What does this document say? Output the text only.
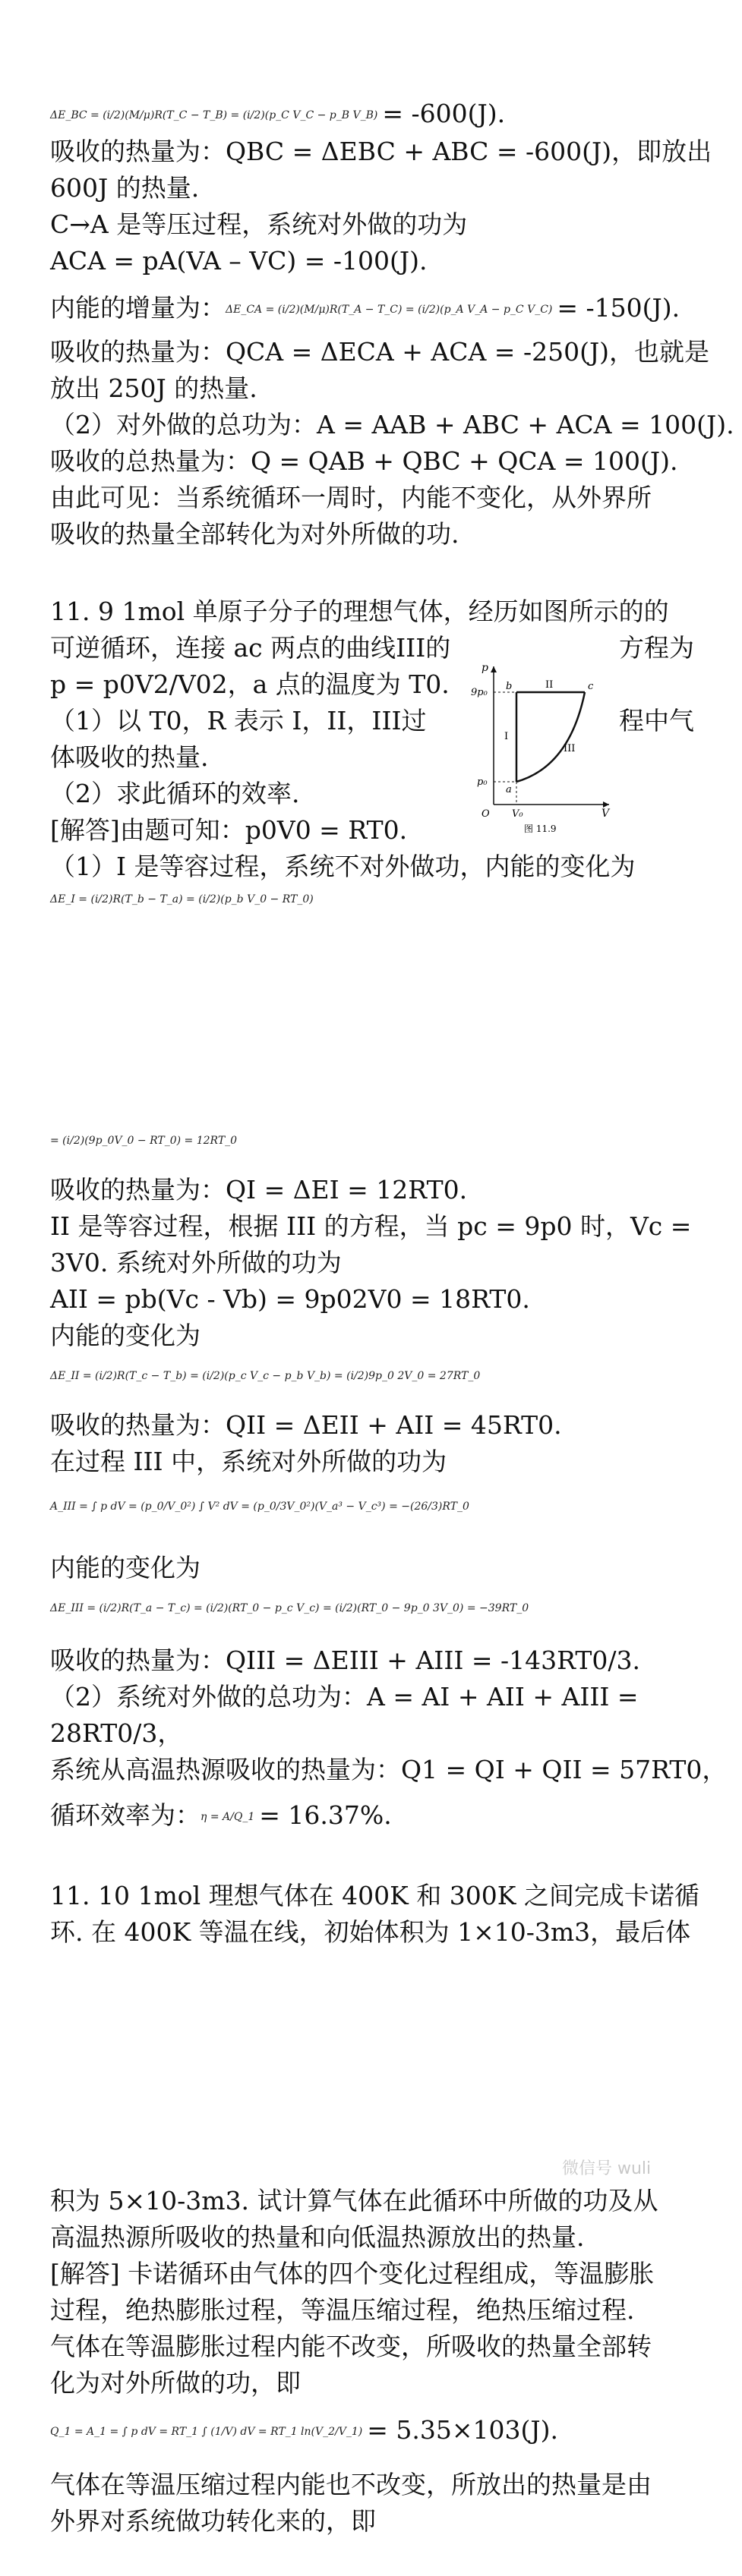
ΔE_BC = (i/2)(M/μ)R(T_C − T_B) = (i/2)(p_C V_C − p_B V_B) = -600(J).
吸收的热量为：QBC = ΔEBC + ABC = -600(J)，即放出
600J 的热量.
C→A 是等压过程，系统对外做的功为
ACA = pA(VA – VC) = -100(J).
内能的增量为：ΔE_CA = (i/2)(M/μ)R(T_A − T_C) = (i/2)(p_A V_A − p_C V_C) = -150(J).
吸收的热量为：QCA = ΔECA + ACA = -250(J)，也就是
放出 250J 的热量.
（2）对外做的总功为：A = AAB + ABC + ACA = 100(J).
吸收的总热量为：Q = QAB + QBC + QCA = 100(J).
由此可见：当系统循环一周时，内能不变化，从外界所
吸收的热量全部转化为对外所做的功.
11. 9 1mol 单原子分子的理想气体，经历如图所示的的
可逆循环，连接 ac 两点的曲线III的	方程为
p = p0V2/V02，a 点的温度为 T0.
（1）以 T0，R 表示 I，II，III过	程中气
体吸收的热量.
（2）求此循环的效率.
p
9p₀
p₀
O	V
V₀
a
b	c
I
II
III
图 11.9
[解答]由题可知：p0V0 = RT0.
（1）I 是等容过程，系统不对外做功，内能的变化为
ΔE_I = (i/2)R(T_b − T_a) = (i/2)(p_b V_0 − RT_0)
= (i/2)(9p_0V_0 − RT_0) = 12RT_0
吸收的热量为：QI = ΔEI = 12RT0.
II 是等容过程，根据 III 的方程，当 pc = 9p0 时，Vc =
3V0. 系统对外所做的功为
AII = pb(Vc - Vb) = 9p02V0 = 18RT0.
内能的变化为
ΔE_II = (i/2)R(T_c − T_b) = (i/2)(p_c V_c − p_b V_b) = (i/2)9p_0 2V_0 = 27RT_0
吸收的热量为：QII = ΔEII + AII = 45RT0.
在过程 III 中，系统对外所做的功为
A_III = ∫ p dV = (p_0/V_0²) ∫ V² dV = (p_0/3V_0²)(V_a³ − V_c³) = −(26/3)RT_0
内能的变化为
ΔE_III = (i/2)R(T_a − T_c) = (i/2)(RT_0 − p_c V_c) = (i/2)(RT_0 − 9p_0 3V_0) = −39RT_0
吸收的热量为：QIII = ΔEIII + AIII = -143RT0/3.
（2）系统对外做的总功为：A = AI + AII + AIII =
28RT0/3，
系统从高温热源吸收的热量为：Q1 = QI + QII = 57RT0，
循环效率为：η = A/Q_1 = 16.37%.
11. 10 1mol 理想气体在 400K 和 300K 之间完成卡诺循
环. 在 400K 等温在线，初始体积为 1×10-3m3，最后体
微信号 wuli
积为 5×10-3m3. 试计算气体在此循环中所做的功及从
高温热源所吸收的热量和向低温热源放出的热量.
[解答] 卡诺循环由气体的四个变化过程组成，等温膨胀
过程，绝热膨胀过程，等温压缩过程，绝热压缩过程.
气体在等温膨胀过程内能不改变，所吸收的热量全部转
化为对外所做的功，即
Q_1 = A_1 = ∫ p dV = RT_1 ∫ (1/V) dV = RT_1 ln(V_2/V_1) = 5.35×103(J).
气体在等温压缩过程内能也不改变，所放出的热量是由
外界对系统做功转化来的，即
